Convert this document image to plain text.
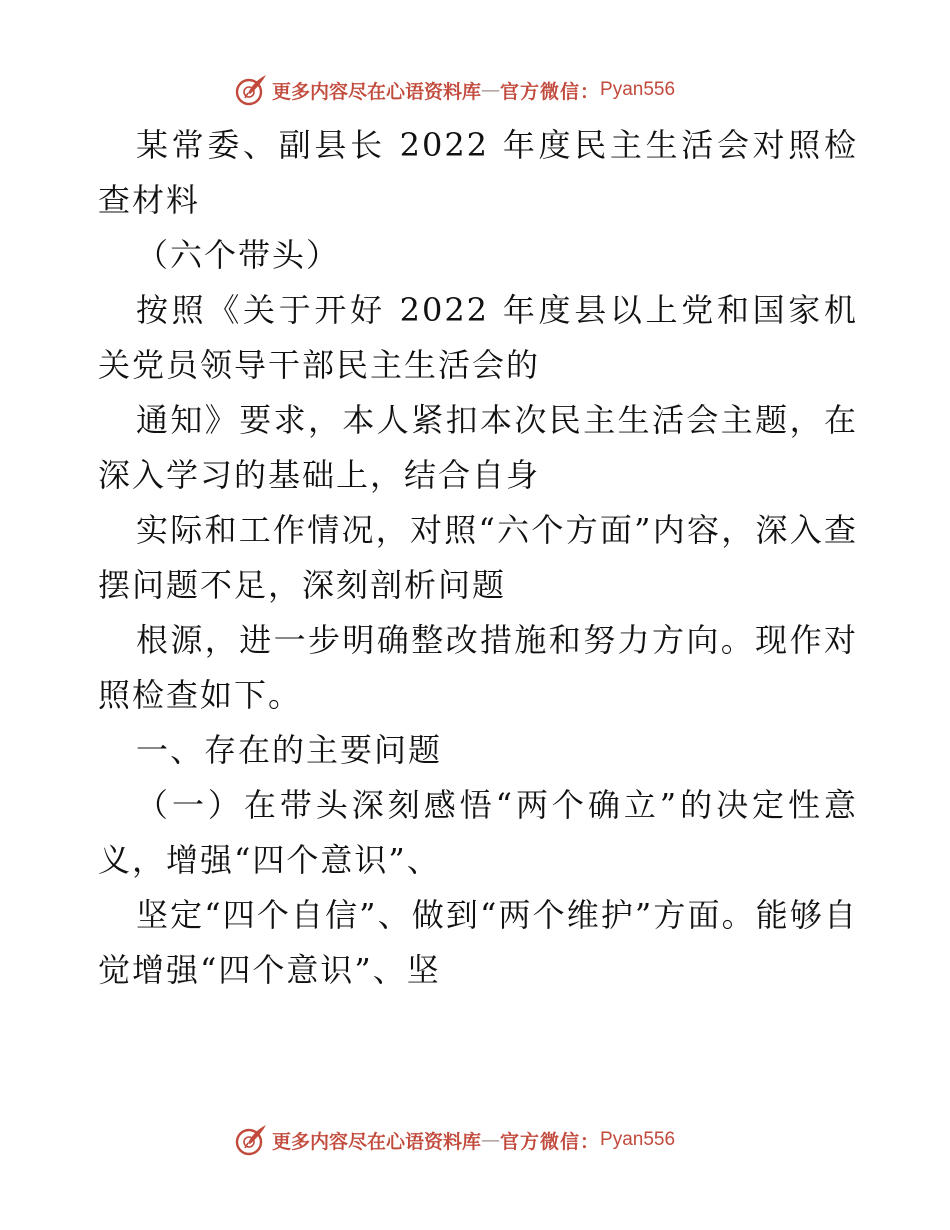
更多内容尽在心语资料库 — 官方微信： Pyan556

某常委、副县长 2022 年度民主生活会对照检查材料

（六个带头）

按照《关于开好 2022 年度县以上党和国家机关党员领导干部民主生活会的

通知》要求，本人紧扣本次民主生活会主题，在深入学习的基础上，结合自身

实际和工作情况，对照“六个方面”内容，深入查摆问题不足，深刻剖析问题

根源，进一步明确整改措施和努力方向。现作对照检查如下。

一、存在的主要问题

（一）在带头深刻感悟“两个确立”的决定性意义，增强“四个意识”、

坚定“四个自信”、做到“两个维护”方面。能够自觉增强“四个意识”、坚

更多内容尽在心语资料库 — 官方微信： Pyan556
